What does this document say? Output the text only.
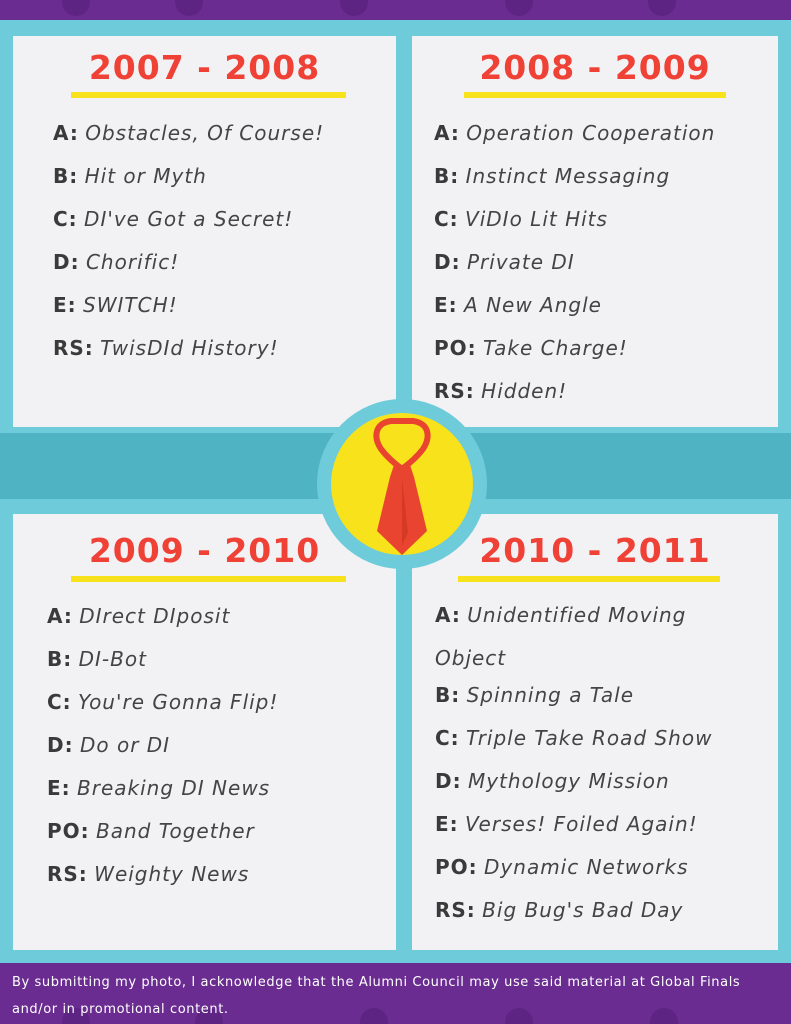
2007 - 2008
A: Obstacles, Of Course!
B: Hit or Myth
C: DI've Got a Secret!
D: Chorific!
E: SWITCH!
RS: TwisDId History!
2008 - 2009
A: Operation Cooperation
B: Instinct Messaging
C: ViDIo Lit Hits
D: Private DI
E: A New Angle
PO: Take Charge!
RS: Hidden!
2009 - 2010
A: DIrect DIposit
B: DI-Bot
C: You're Gonna Flip!
D: Do or DI
E: Breaking DI News
PO: Band Together
RS: Weighty News
2010 - 2011
A: Unidentified Moving Object
B: Spinning a Tale
C: Triple Take Road Show
D: Mythology Mission
E: Verses! Foiled Again!
PO: Dynamic Networks
RS: Big Bug's Bad Day
By submitting my photo, I acknowledge that the Alumni Council may use said material at Global Finals and/or in promotional content.
